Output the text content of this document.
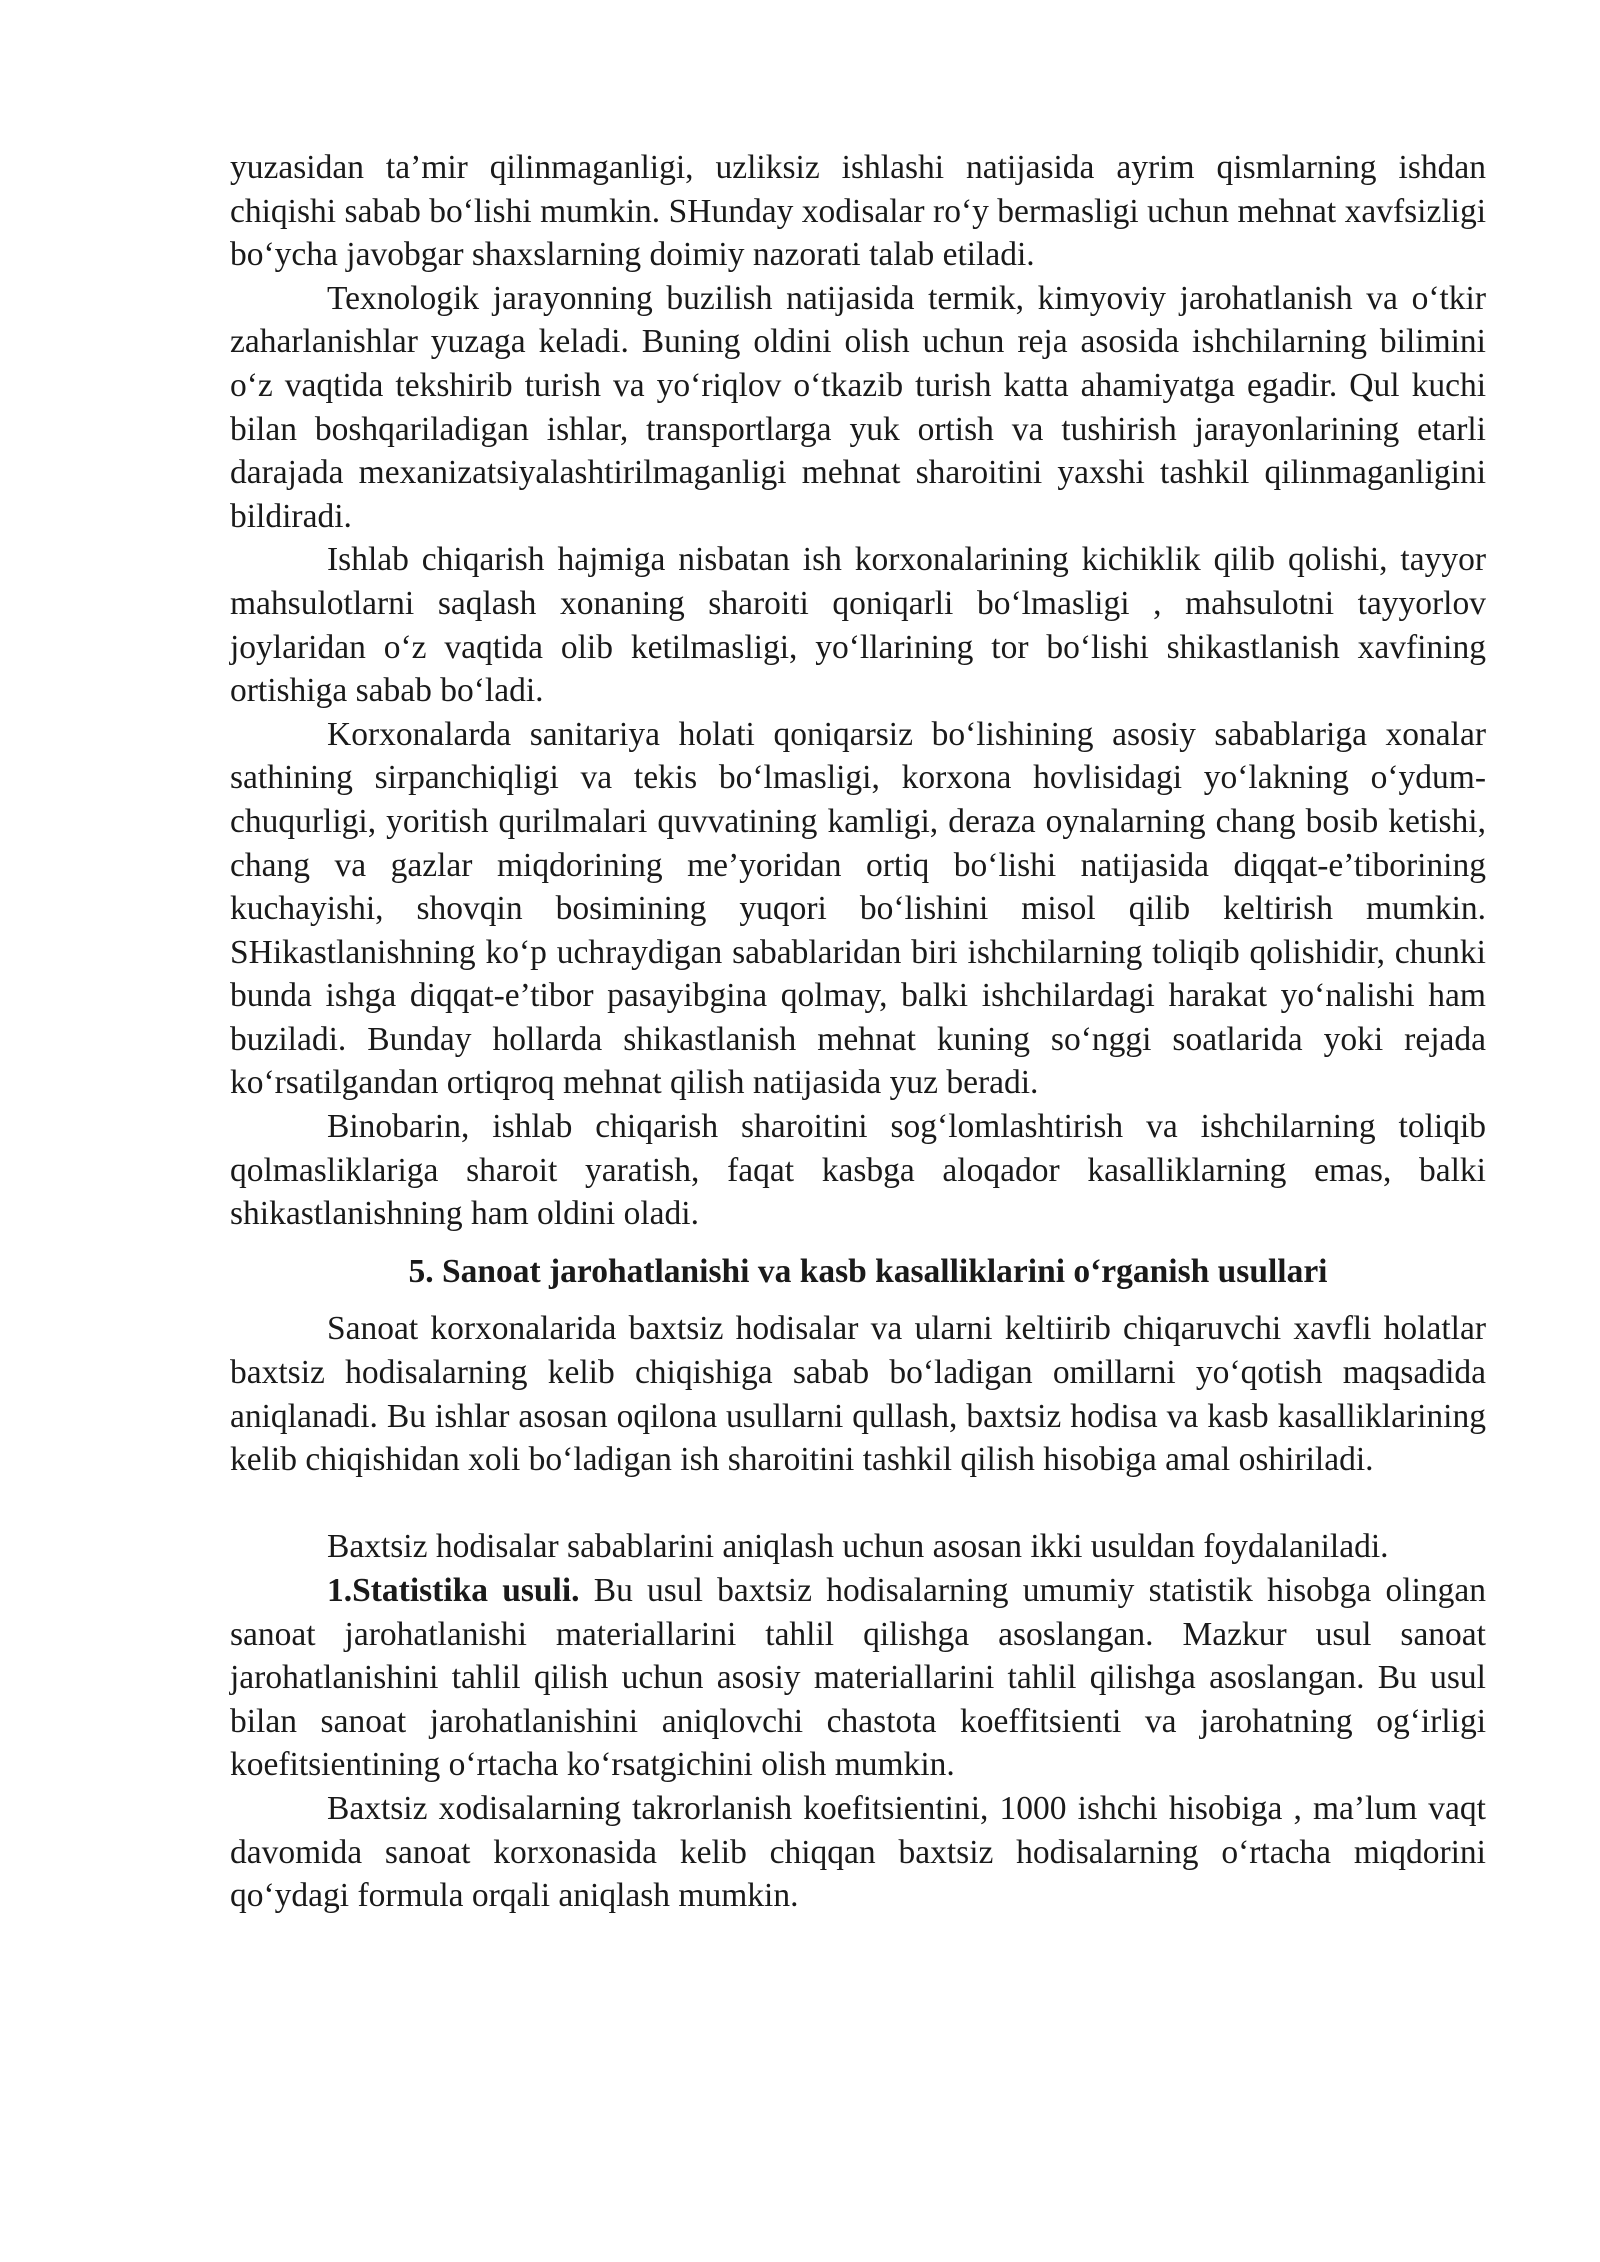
yuzasidan ta’mir qilinmaganligi, uzliksiz ishlashi natijasida ayrim qismlarning ishdan chiqishi sabab bo‘lishi mumkin. SHunday xodisalar ro‘y bermasligi uchun mehnat xavfsizligi bo‘ycha javobgar shaxslarning doimiy nazorati talab etiladi.

Texnologik jarayonning buzilish natijasida termik, kimyoviy jarohatlanish va o‘tkir zaharlanishlar yuzaga keladi. Buning oldini olish uchun reja asosida ishchilarning bilimini o‘z vaqtida tekshirib turish va yo‘riqlov o‘tkazib turish katta ahamiyatga egadir. Qul kuchi bilan boshqariladigan ishlar, transportlarga yuk ortish va tushirish jarayonlarining etarli darajada mexanizatsiyalashtirilmaganligi mehnat sharoitini yaxshi tashkil qilinmaganligini bildiradi.

Ishlab chiqarish hajmiga nisbatan ish korxonalarining kichiklik qilib qolishi, tayyor mahsulotlarni saqlash xonaning sharoiti qoniqarli bo‘lmasligi , mahsulotni tayyorlov joylaridan o‘z vaqtida olib ketilmasligi, yo‘llarining tor bo‘lishi shikastlanish xavfining ortishiga sabab bo‘ladi.

Korxonalarda sanitariya holati qoniqarsiz bo‘lishining asosiy sabablariga xonalar sathining sirpanchiqligi va tekis bo‘lmasligi, korxona hovlisidagi yo‘lakning o‘ydum-chuqurligi, yoritish qurilmalari quvvatining kamligi, deraza oynalarning chang bosib ketishi, chang va gazlar miqdorining me’yoridan ortiq bo‘lishi natijasida diqqat-e’tiborining kuchayishi, shovqin bosimining yuqori bo‘lishini misol qilib keltirish mumkin. SHikastlanishning ko‘p uchraydigan sabablaridan biri ishchilarning toliqib qolishidir, chunki bunda ishga diqqat-e’tibor pasayibgina qolmay, balki ishchilardagi harakat yo‘nalishi ham buziladi. Bunday hollarda shikastlanish mehnat kuning so‘nggi soatlarida yoki rejada ko‘rsatilgandan ortiqroq mehnat qilish natijasida yuz beradi.

Binobarin, ishlab chiqarish sharoitini sog‘lomlashtirish va ishchilarning toliqib qolmasliklariga sharoit yaratish, faqat kasbga aloqador kasalliklarning emas, balki shikastlanishning ham oldini oladi.

5. Sanoat jarohatlanishi va kasb kasalliklarini o‘rganish usullari

Sanoat korxonalarida baxtsiz hodisalar va ularni keltiirib chiqaruvchi xavfli holatlar baxtsiz hodisalarning kelib chiqishiga sabab bo‘ladigan omillarni yo‘qotish maqsadida aniqlanadi. Bu ishlar asosan oqilona usullarni qullash, baxtsiz hodisa va kasb kasalliklarining kelib chiqishidan xoli bo‘ladigan ish sharoitini tashkil qilish hisobiga amal oshiriladi.

Baxtsiz hodisalar sabablarini aniqlash uchun asosan ikki usuldan foydalaniladi.

1.Statistika usuli. Bu usul baxtsiz hodisalarning umumiy statistik hisobga olingan sanoat jarohatlanishi materiallarini tahlil qilishga asoslangan. Mazkur usul sanoat jarohatlanishini tahlil qilish uchun asosiy materiallarini tahlil qilishga asoslangan. Bu usul bilan sanoat jarohatlanishini aniqlovchi chastota koeffitsienti va jarohatning og‘irligi koefitsientining o‘rtacha ko‘rsatgichini olish mumkin.

Baxtsiz xodisalarning takrorlanish koefitsientini, 1000 ishchi hisobiga , ma’lum vaqt davomida sanoat korxonasida kelib chiqqan baxtsiz hodisalarning o‘rtacha miqdorini qo‘ydagi formula orqali aniqlash mumkin.
